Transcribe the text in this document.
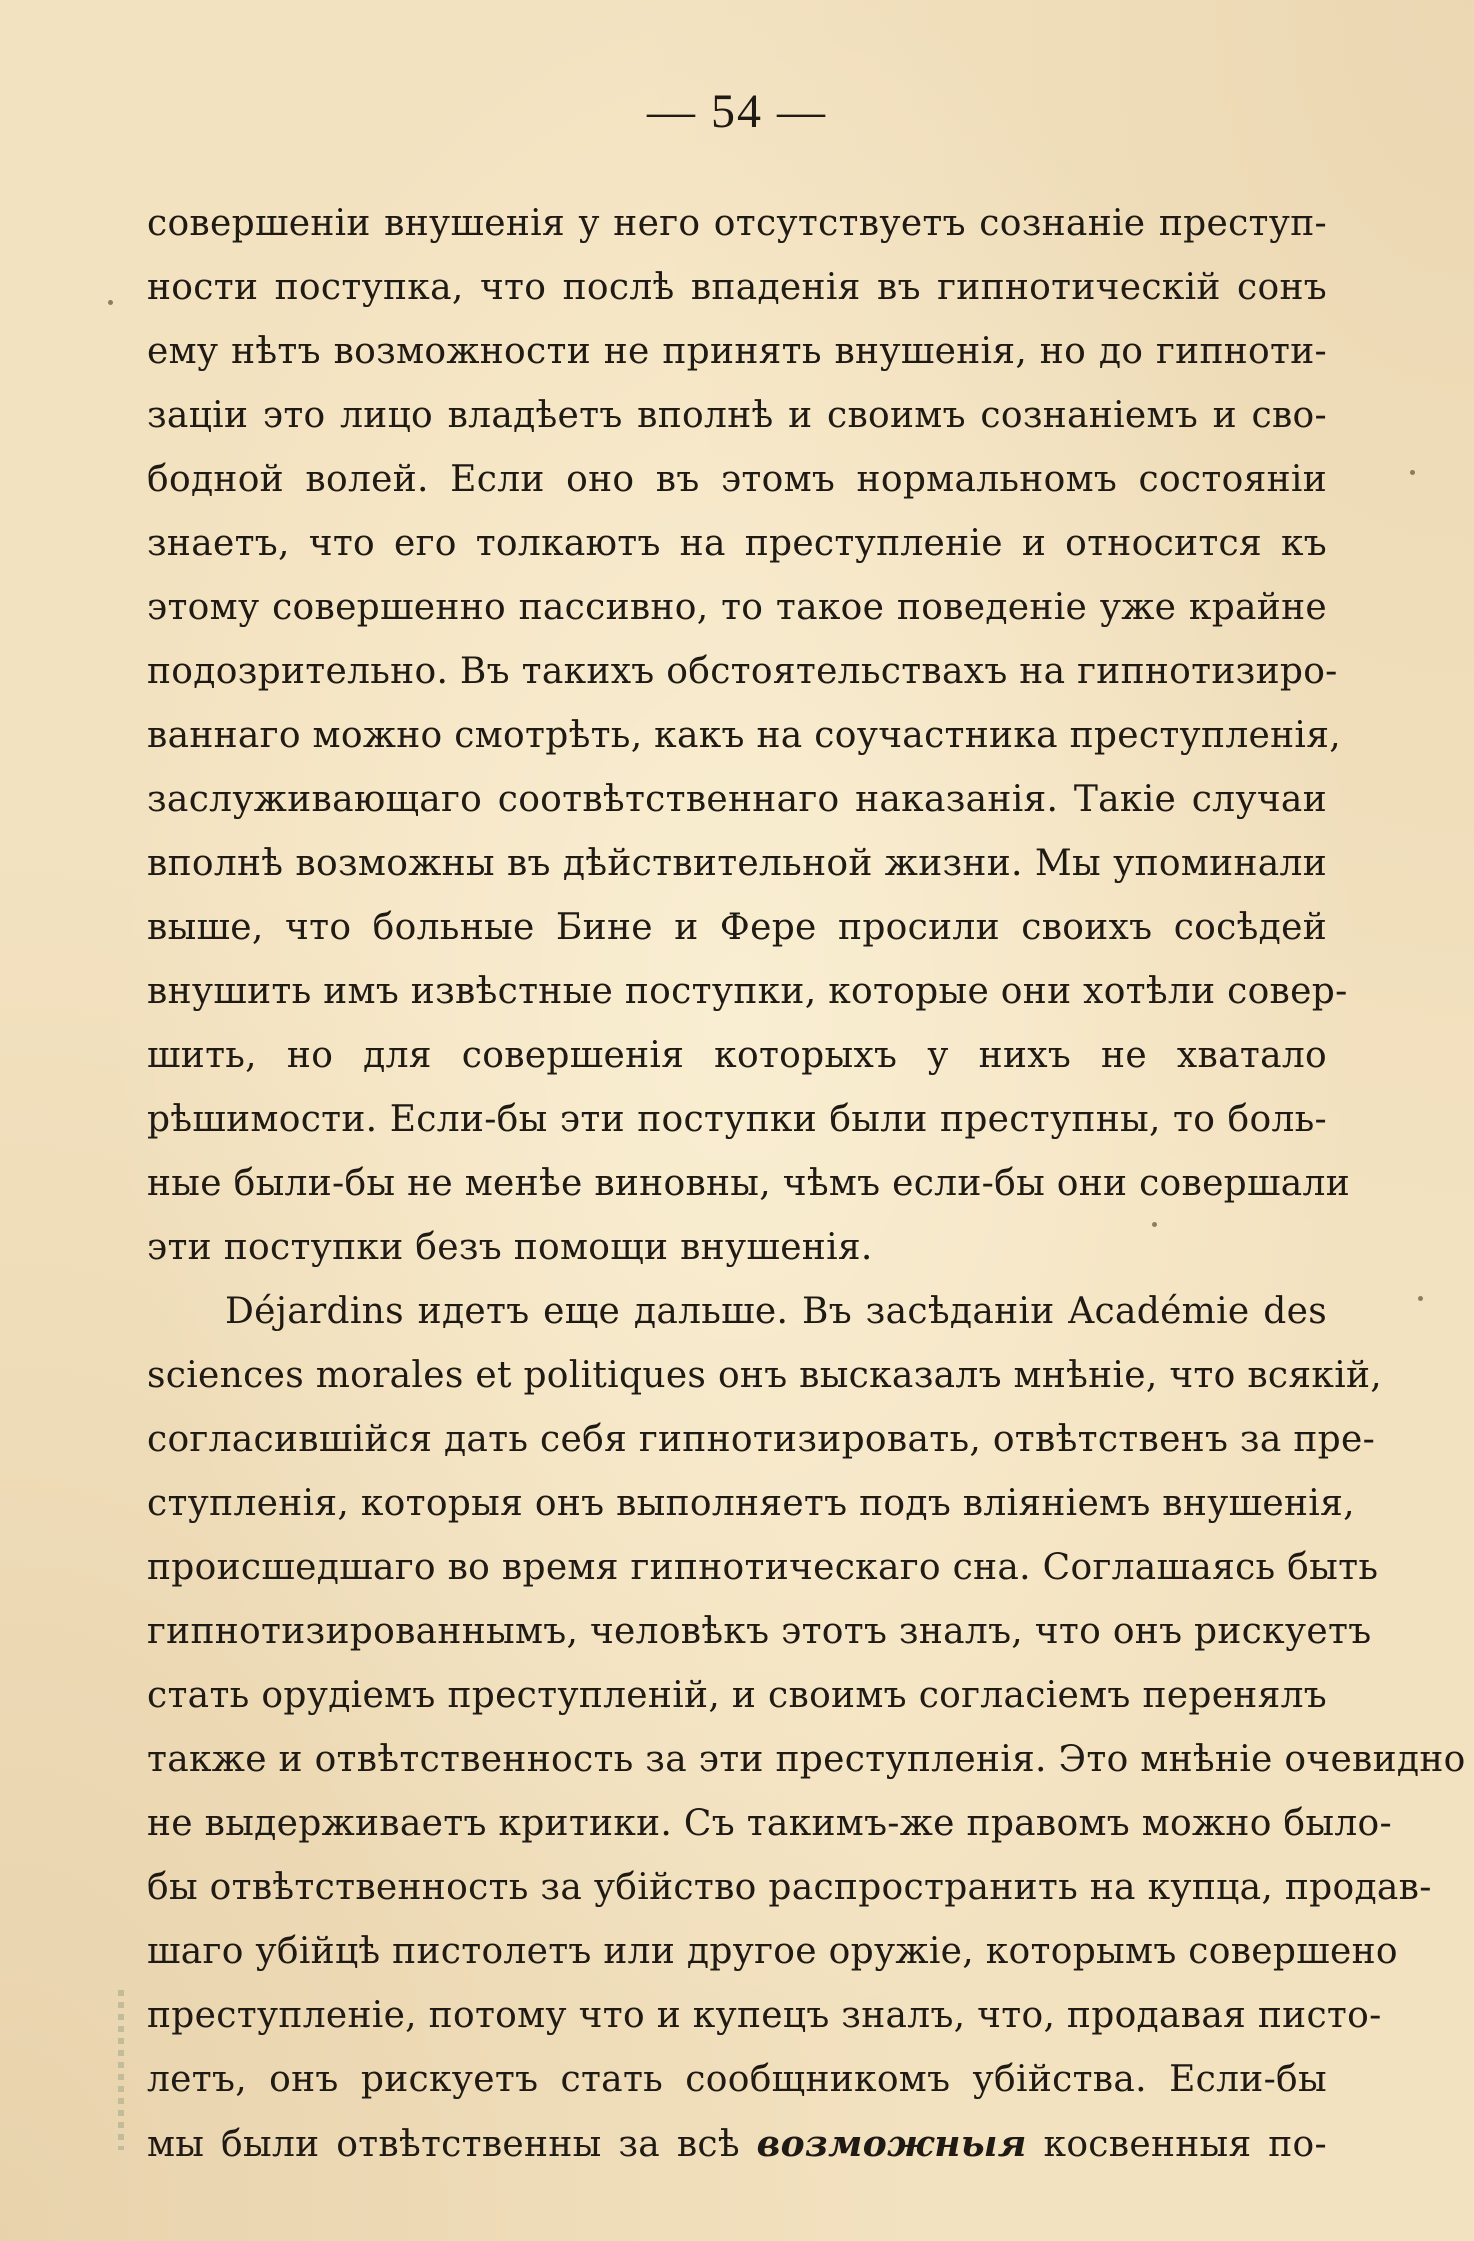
— 54 —
совершеніи внушенія у него отсутствуетъ сознаніе преступ-
ности поступка, что послѣ впаденія въ гипнотическій сонъ
ему нѣтъ возможности не принять внушенія, но до гипноти-
заціи это лицо владѣетъ вполнѣ и своимъ сознаніемъ и сво-
бодной волей. Если оно въ этомъ нормальномъ состояніи
знаетъ, что его толкаютъ на преступленіе и относится къ
этому совершенно пассивно, то такое поведеніе уже крайне
подозрительно. Въ такихъ обстоятельствахъ на гипнотизиро-
ваннаго можно смотрѣть, какъ на соучастника преступленія,
заслуживающаго соотвѣтственнаго наказанія. Такіе случаи
вполнѣ возможны въ дѣйствительной жизни. Мы упоминали
выше, что больные Бине и Фере просили своихъ сосѣдей
внушить имъ извѣстные поступки, которые они хотѣли совер-
шить, но для совершенія которыхъ у нихъ не хватало
рѣшимости. Если-бы эти поступки были преступны, то боль-
ные были-бы не менѣе виновны, чѣмъ если-бы они совершали
эти поступки безъ помощи внушенія.
Déjardins идетъ еще дальше. Въ засѣданіи Académie des
sciences morales et politiques онъ высказалъ мнѣніе, что всякій,
согласившійся дать себя гипнотизировать, отвѣтственъ за пре-
ступленія, которыя онъ выполняетъ подъ вліяніемъ внушенія,
происшедшаго во время гипнотическаго сна. Соглашаясь быть
гипнотизированнымъ, человѣкъ этотъ зналъ, что онъ рискуетъ
стать орудіемъ преступленій, и своимъ согласіемъ перенялъ
также и отвѣтственность за эти преступленія. Это мнѣніе очевидно
не выдерживаетъ критики. Съ такимъ-же правомъ можно было-
бы отвѣтственность за убійство распространить на купца, продав-
шаго убійцѣ пистолетъ или другое оружіе, которымъ совершено
преступленіе, потому что и купецъ зналъ, что, продавая писто-
летъ, онъ рискуетъ стать сообщникомъ убійства. Если-бы
мы были отвѣтственны за всѣ возможныя косвенныя по-
